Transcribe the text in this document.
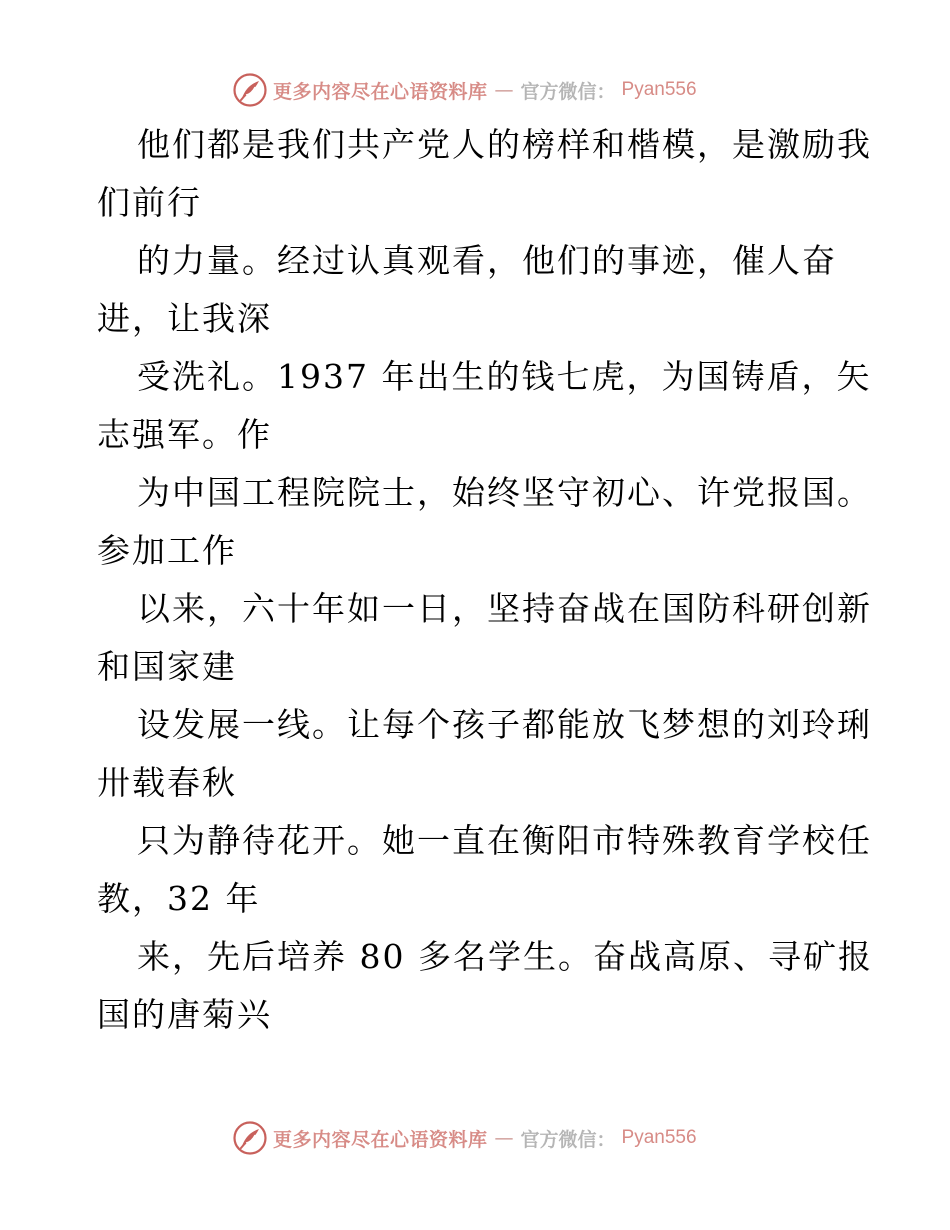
更多内容尽在心语资料库 — 官方微信： Pyan556
他们都是我们共产党人的榜样和楷模，是激励我
们前行
的力量。经过认真观看，他们的事迹，催人奋
进，让我深
受洗礼。1937 年出生的钱七虎，为国铸盾，矢
志强军。作
为中国工程院院士，始终坚守初心、许党报国。
参加工作
以来，六十年如一日，坚持奋战在国防科研创新
和国家建
设发展一线。让每个孩子都能放飞梦想的刘玲琍
卅载春秋
只为静待花开。她一直在衡阳市特殊教育学校任
教，32 年
来，先后培养 80 多名学生。奋战高原、寻矿报
国的唐菊兴
更多内容尽在心语资料库 — 官方微信： Pyan556
